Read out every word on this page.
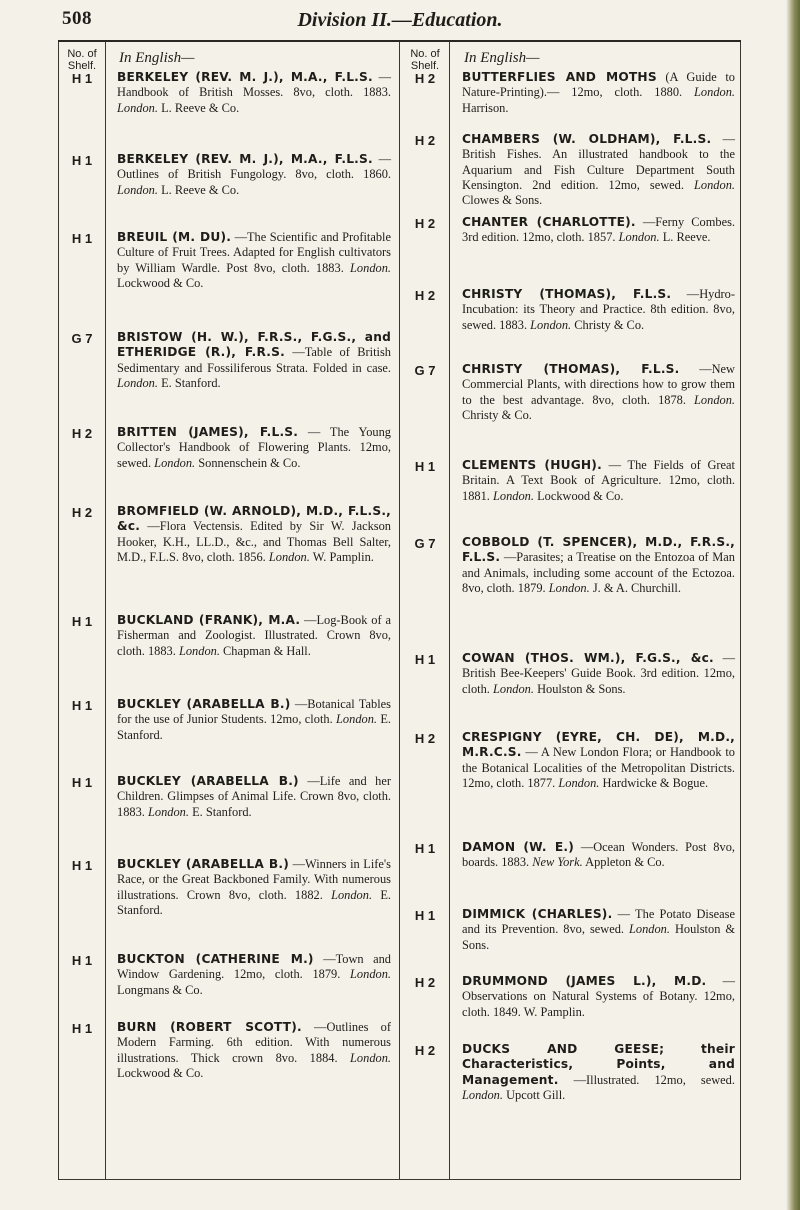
508	Division II.—Education.
No. of Shelf.
No. of Shelf.
In English—	In English—
H 1	BERKELEY (REV. M. J.), M.A., F.L.S. —Handbook of British Mosses. 8vo, cloth. 1883. London. L. Reeve & Co.
H 1	BERKELEY (REV. M. J.), M.A., F.L.S. —Outlines of British Fungology. 8vo, cloth. 1860. London. L. Reeve & Co.
H 1	BREUIL (M. DU). —The Scientific and Profitable Culture of Fruit Trees. Adapted for English cultivators by William Wardle. Post 8vo, cloth. 1883. London. Lockwood & Co.
G 7	BRISTOW (H. W.), F.R.S., F.G.S., and ETHERIDGE (R.), F.R.S. —Table of British Sedimentary and Fossiliferous Strata. Folded in case. London. E. Stanford.
H 2	BRITTEN (JAMES), F.L.S. — The Young Collector's Handbook of Flowering Plants. 12mo, sewed. London. Sonnenschein & Co.
H 2	BROMFIELD (W. ARNOLD), M.D., F.L.S., &c. —Flora Vectensis. Edited by Sir W. Jackson Hooker, K.H., LL.D., &c., and Thomas Bell Salter, M.D., F.L.S. 8vo, cloth. 1856. London. W. Pamplin.
H 1	BUCKLAND (FRANK), M.A. —Log-Book of a Fisherman and Zoologist. Illustrated. Crown 8vo, cloth. 1883. London. Chapman & Hall.
H 1	BUCKLEY (ARABELLA B.) —Botanical Tables for the use of Junior Students. 12mo, cloth. London. E. Stanford.
H 1	BUCKLEY (ARABELLA B.) —Life and her Children. Glimpses of Animal Life. Crown 8vo, cloth. 1883. London. E. Stanford.
H 1	BUCKLEY (ARABELLA B.) —Winners in Life's Race, or the Great Backboned Family. With numerous illustrations. Crown 8vo, cloth. 1882. London. E. Stanford.
H 1	BUCKTON (CATHERINE M.) —Town and Window Gardening. 12mo, cloth. 1879. London. Longmans & Co.
H 1	BURN (ROBERT SCOTT). —Outlines of Modern Farming. 6th edition. With numerous illustrations. Thick crown 8vo. 1884. London. Lockwood & Co.
H 2	BUTTERFLIES AND MOTHS (A Guide to Nature-Printing).— 12mo, cloth. 1880. London. Harrison.
H 2	CHAMBERS (W. OLDHAM), F.L.S. —British Fishes. An illustrated handbook to the Aquarium and Fish Culture Department South Kensington. 2nd edition. 12mo, sewed. London. Clowes & Sons.
H 2	CHANTER (CHARLOTTE). —Ferny Combes. 3rd edition. 12mo, cloth. 1857. London. L. Reeve.
H 2	CHRISTY (THOMAS), F.L.S. —Hydro-Incubation: its Theory and Practice. 8th edition. 8vo, sewed. 1883. London. Christy & Co.
G 7	CHRISTY (THOMAS), F.L.S. —New Commercial Plants, with directions how to grow them to the best advantage. 8vo, cloth. 1878. London. Christy & Co.
H 1	CLEMENTS (HUGH). — The Fields of Great Britain. A Text Book of Agriculture. 12mo, cloth. 1881. London. Lockwood & Co.
G 7	COBBOLD (T. SPENCER), M.D., F.R.S., F.L.S. —Parasites; a Treatise on the Entozoa of Man and Animals, including some account of the Ectozoa. 8vo, cloth. 1879. London. J. & A. Churchill.
H 1	COWAN (THOS. WM.), F.G.S., &c. —British Bee-Keepers' Guide Book. 3rd edition. 12mo, cloth. London. Houlston & Sons.
H 2	CRESPIGNY (EYRE, CH. DE), M.D., M.R.C.S. — A New London Flora; or Handbook to the Botanical Localities of the Metropolitan Districts. 12mo, cloth. 1877. London. Hardwicke & Bogue.
H 1	DAMON (W. E.) —Ocean Wonders. Post 8vo, boards. 1883. New York. Appleton & Co.
H 1	DIMMICK (CHARLES). — The Potato Disease and its Prevention. 8vo, sewed. London. Houlston & Sons.
H 2	DRUMMOND (JAMES L.), M.D. —Observations on Natural Systems of Botany. 12mo, cloth. 1849. W. Pamplin.
H 2	DUCKS AND GEESE; their Characteristics, Points, and Management. —Illustrated. 12mo, sewed. London. Upcott Gill.
